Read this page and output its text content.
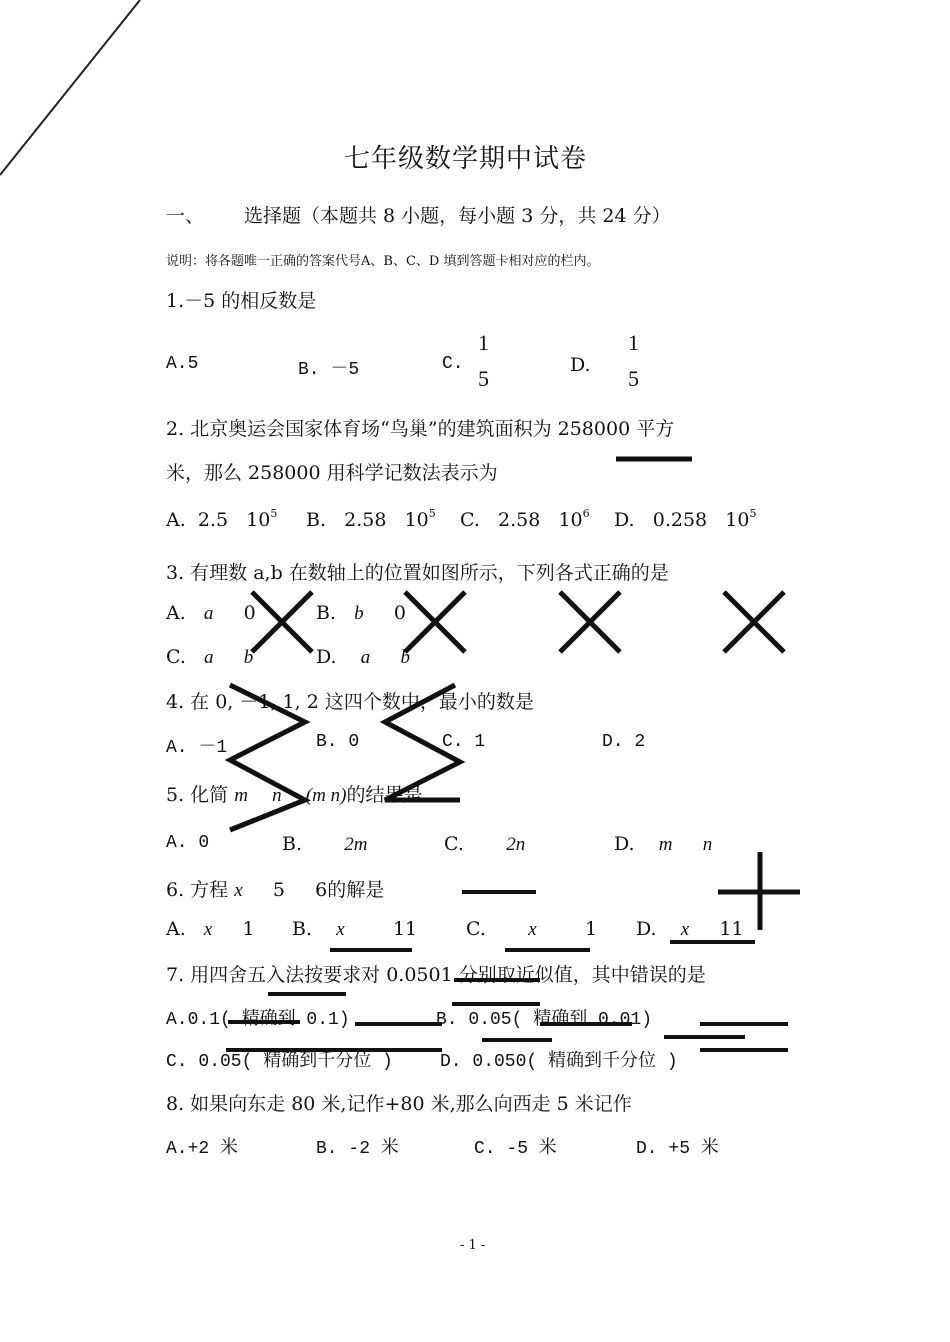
七年级数学期中试卷
一、 选择题（本题共 8 小题，每小题 3 分，共 24 分）
说明：将各题唯一正确的答案代号A、B、C、D 填到答题卡相对应的栏内。
1.－5 的相反数是
A.5	B. －5	C.
1
5
D.
1
5
2. 北京奥运会国家体育场“鸟巢”的建筑面积为 258000 平方
米，那么 258000 用科学记数法表示为
A. 2.5 $10^5$ B. 2.58 $10^5$ C. 2.58 $10^6$ D. 0.258 $10^5$
3. 有理数 a,b 在数轴上的位置如图所示，下列各式正确的是
A. a 0	B. b 0
C. a b	D. a b
4. 在 0, －1, 1, 2 这四个数中，最小的数是
A. －1	B. 0	C. 1	D. 2
5. 化简 m n (m n)的结果是
A. 0	B. 2m	C. 2n	D. m n
6. 方程 x 5 6的解是
A. x 1 B. x	11	C. x	1 D. x 11
7. 用四舍五入法按要求对 0.0501 分别取近似值，其中错误的是
A.0.1( 精确到 0.1)	B. 0.05( 精确到 0.01)
C. 0.05( 精确到千分位 )	D. 0.050( 精确到千分位 )
8. 如果向东走 80 米,记作+80 米,那么向西走 5 米记作
A.+2 米	B. -2 米	C. -5 米	D. +5 米
- 1 -
